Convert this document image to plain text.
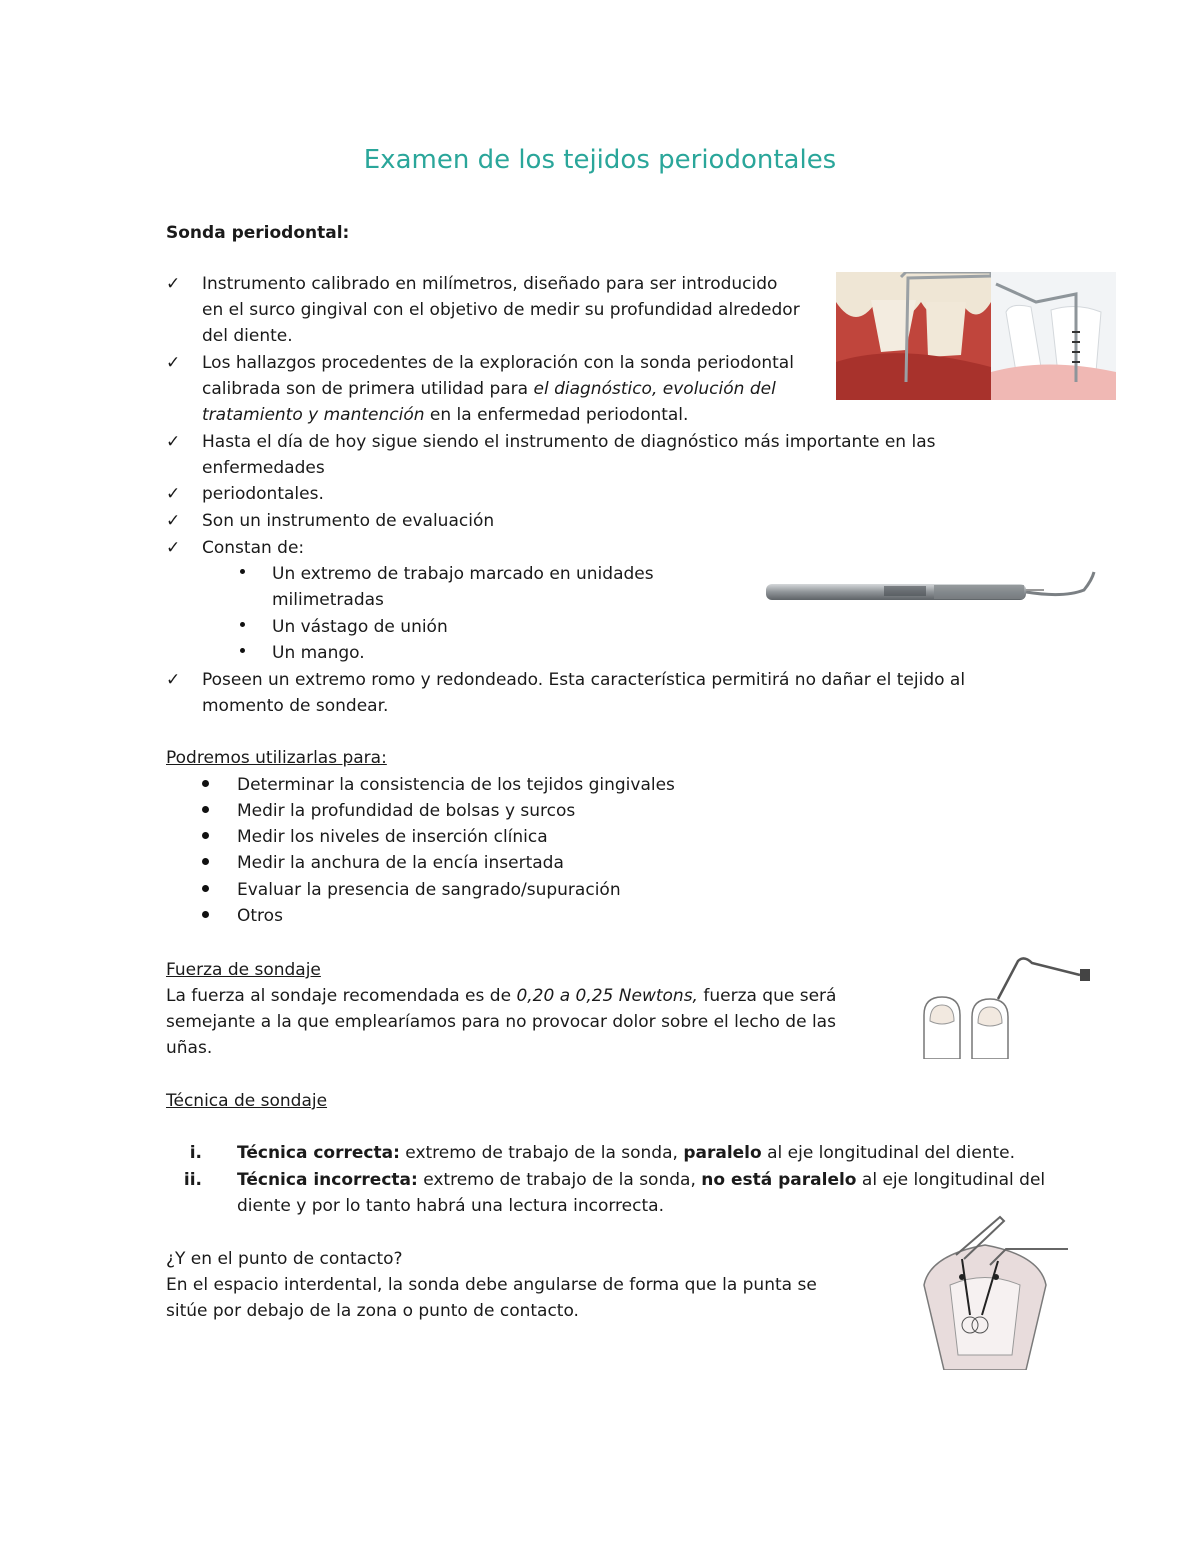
Examen de los tejidos periodontales
Sonda periodontal:
✓ Instrumento calibrado en milímetros, diseñado para ser introducido
en el surco gingival con el objetivo de medir su profundidad alrededor
del diente.
✓ Los hallazgos procedentes de la exploración con la sonda periodontal
calibrada son de primera utilidad para el diagnóstico, evolución del
tratamiento y mantención en la enfermedad periodontal.
✓ Hasta el día de hoy sigue siendo el instrumento de diagnóstico más importante en las
enfermedades
✓ periodontales.
✓ Son un instrumento de evaluación
✓ Constan de:
Un extremo de trabajo marcado en unidades
milimetradas
Un vástago de unión
Un mango.
✓ Poseen un extremo romo y redondeado. Esta característica permitirá no dañar el tejido al
momento de sondear.
Podremos utilizarlas para:
Determinar la consistencia de los tejidos gingivales
Medir la profundidad de bolsas y surcos
Medir los niveles de inserción clínica
Medir la anchura de la encía insertada
Evaluar la presencia de sangrado/supuración
Otros
Fuerza de sondaje
La fuerza al sondaje recomendada es de 0,20 a 0,25 Newtons, fuerza que será
semejante a la que emplearíamos para no provocar dolor sobre el lecho de las
uñas.
Técnica de sondaje
i. Técnica correcta: extremo de trabajo de la sonda, paralelo al eje longitudinal del diente.
ii. Técnica incorrecta: extremo de trabajo de la sonda, no está paralelo al eje longitudinal del
diente y por lo tanto habrá una lectura incorrecta.
¿Y en el punto de contacto?
En el espacio interdental, la sonda debe angularse de forma que la punta se
sitúe por debajo de la zona o punto de contacto.
